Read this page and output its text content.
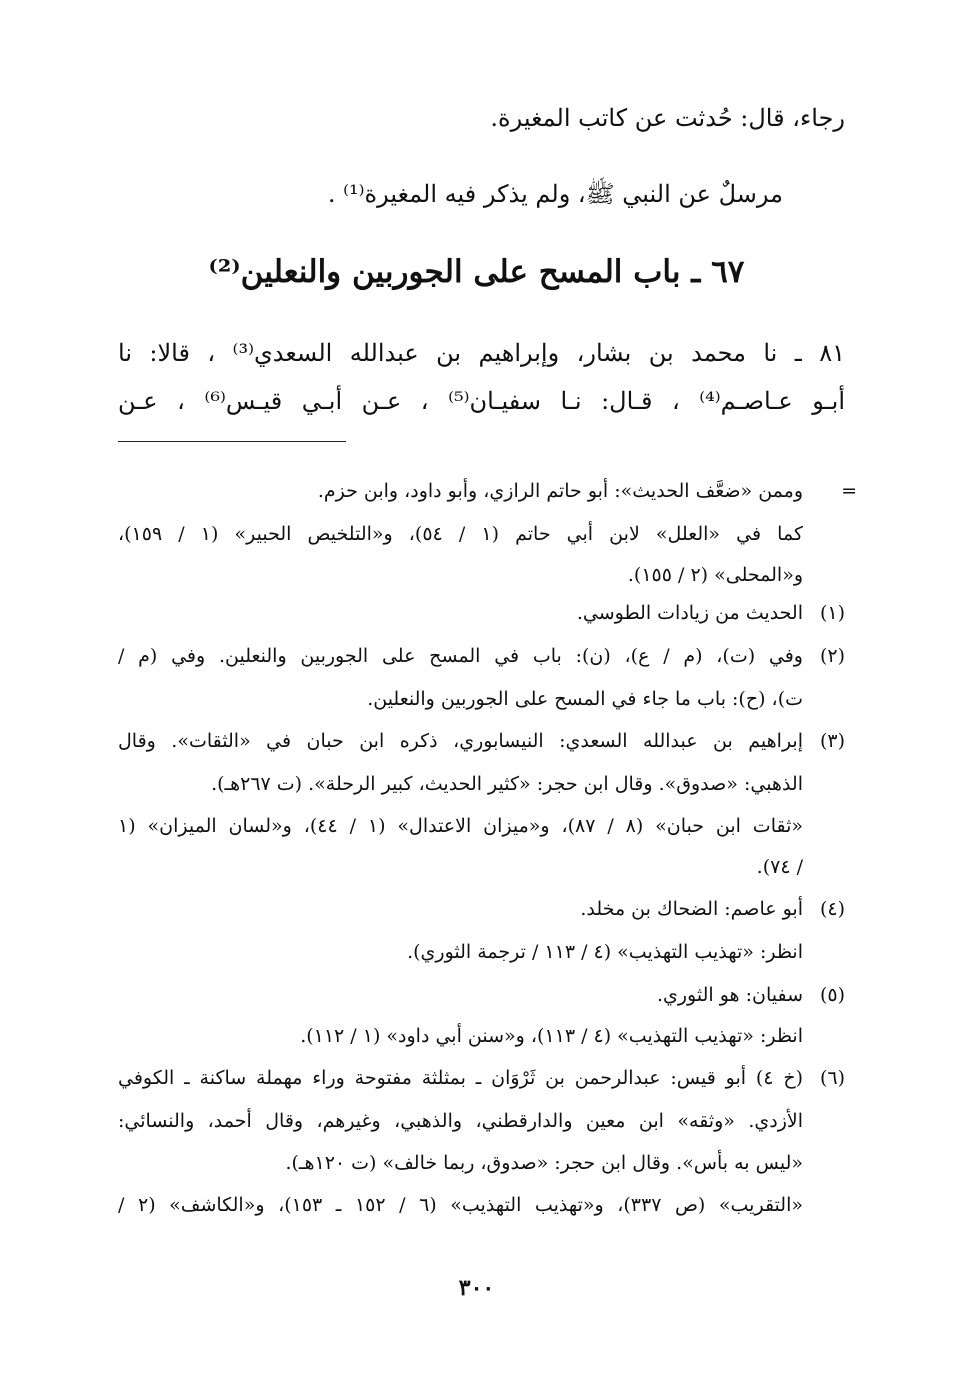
رجاء، قال: حُدثت عن كاتب المغيرة.
مرسلٌ عن النبي ﷺ، ولم يذكر فيه المغيرة⁽¹⁾ .
٦٧ ـ باب المسح على الجوربين والنعلين⁽²⁾
٨١ ـ نا محمد بن بشار، وإبراهيم بن عبدالله السعدي⁽³⁾ ، قالا: نا
أبـو عـاصـم⁽⁴⁾ ، قـال: نـا سفيـان⁽⁵⁾ ، عـن أبـي قيـس⁽⁶⁾ ، عـن
=
وممن «ضعَّف الحديث»: أبو حاتم الرازي، وأبو داود، وابن حزم.
كما في «العلل» لابن أبي حاتم (١ / ٥٤)، و«التلخيص الحبير» (١ / ١٥٩)،
و«المحلى» (٢ / ١٥٥).
(١)
الحديث من زيادات الطوسي.
(٢)
وفي (ت)، (م / ع)، (ن): باب في المسح على الجوربين والنعلين. وفي (م /
ت)، (ح): باب ما جاء في المسح على الجوربين والنعلين.
(٣)
إبراهيم بن عبدالله السعدي: النيسابوري، ذكره ابن حبان في «الثقات». وقال
الذهبي: «صدوق». وقال ابن حجر: «كثير الحديث، كبير الرحلة». (ت ٢٦٧هـ).
«ثقات ابن حبان» (٨ / ٨٧)، و«ميزان الاعتدال» (١ / ٤٤)، و«لسان الميزان» (١
/ ٧٤).
(٤)
أبو عاصم: الضحاك بن مخلد.
انظر: «تهذيب التهذيب» (٤ / ١١٣ / ترجمة الثوري).
(٥)
سفيان: هو الثوري.
انظر: «تهذيب التهذيب» (٤ / ١١٣)، و«سنن أبي داود» (١ / ١١٢).
(٦)
(خ ٤) أبو قيس: عبدالرحمن بن ثَرْوَان ـ بمثلثة مفتوحة وراء مهملة ساكنة ـ الكوفي
الأزدي. «وثقه» ابن معين والدارقطني، والذهبي، وغيرهم، وقال أحمد، والنسائي:
«ليس به بأس». وقال ابن حجر: «صدوق، ربما خالف» (ت ١٢٠هـ).
«التقريب» (ص ٣٣٧)، و«تهذيب التهذيب» (٦ / ١٥٢ ـ ١٥٣)، و«الكاشف» (٢ /
٣٠٠
